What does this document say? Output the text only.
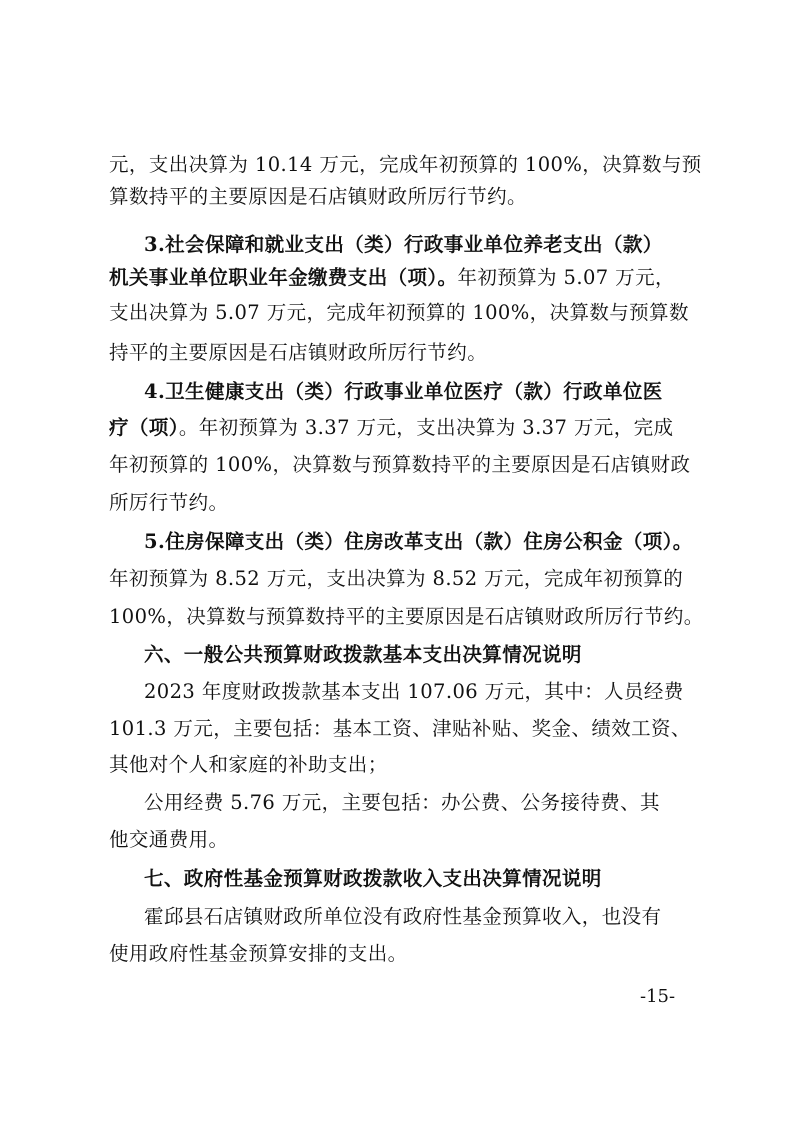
元，支出决算为 10.14 万元，完成年初预算的 100%，决算数与预
算数持平的主要原因是石店镇财政所厉行节约。
3.社会保障和就业支出（类）行政事业单位养老支出（款）
机关事业单位职业年金缴费支出（项）。年初预算为 5.07 万元，
支出决算为 5.07 万元，完成年初预算的 100%，决算数与预算数
持平的主要原因是石店镇财政所厉行节约。
4.卫生健康支出（类）行政事业单位医疗（款）行政单位医
疗（项）。年初预算为 3.37 万元，支出决算为 3.37 万元，完成
年初预算的 100%，决算数与预算数持平的主要原因是石店镇财政
所厉行节约。
5.住房保障支出（类）住房改革支出（款）住房公积金（项）。
年初预算为 8.52 万元，支出决算为 8.52 万元，完成年初预算的
100%，决算数与预算数持平的主要原因是石店镇财政所厉行节约。
六、一般公共预算财政拨款基本支出决算情况说明
2023 年度财政拨款基本支出 107.06 万元，其中：人员经费
101.3 万元，主要包括：基本工资、津贴补贴、奖金、绩效工资、
其他对个人和家庭的补助支出；
公用经费 5.76 万元，主要包括：办公费、公务接待费、其
他交通费用。
七、政府性基金预算财政拨款收入支出决算情况说明
霍邱县石店镇财政所单位没有政府性基金预算收入，也没有
使用政府性基金预算安排的支出。
-15-
